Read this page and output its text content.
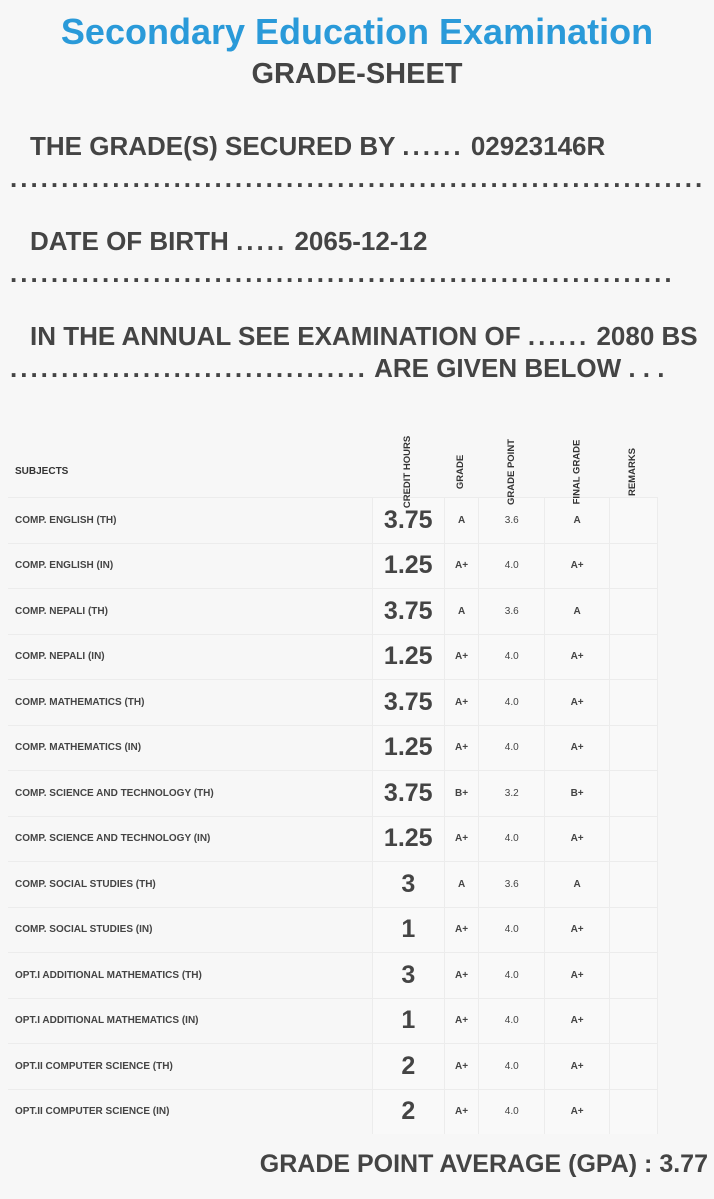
Secondary Education Examination
GRADE-SHEET
THE GRADE(S) SECURED BY ...... 02923146R ....................................................................
DATE OF BIRTH ..... 2065-12-12 .................................................................
IN THE ANNUAL SEE EXAMINATION OF ...... 2080 BS ................................... ARE GIVEN BELOW . . .
SUBJECTS	CREDIT HOURS	GRADE	GRADE POINT	FINAL GRADE	REMARKS
COMP. ENGLISH (TH)	3.75	A	3.6	A	
COMP. ENGLISH (IN)	1.25	A+	4.0	A+	
COMP. NEPALI (TH)	3.75	A	3.6	A	
COMP. NEPALI (IN)	1.25	A+	4.0	A+	
COMP. MATHEMATICS (TH)	3.75	A+	4.0	A+	
COMP. MATHEMATICS (IN)	1.25	A+	4.0	A+	
COMP. SCIENCE AND TECHNOLOGY (TH)	3.75	B+	3.2	B+	
COMP. SCIENCE AND TECHNOLOGY (IN)	1.25	A+	4.0	A+	
COMP. SOCIAL STUDIES (TH)	3	A	3.6	A	
COMP. SOCIAL STUDIES (IN)	1	A+	4.0	A+	
OPT.I ADDITIONAL MATHEMATICS (TH)	3	A+	4.0	A+	
OPT.I ADDITIONAL MATHEMATICS (IN)	1	A+	4.0	A+	
OPT.II COMPUTER SCIENCE (TH)	2	A+	4.0	A+	
OPT.II COMPUTER SCIENCE (IN)	2	A+	4.0	A+	
GRADE POINT AVERAGE (GPA) : 3.77
